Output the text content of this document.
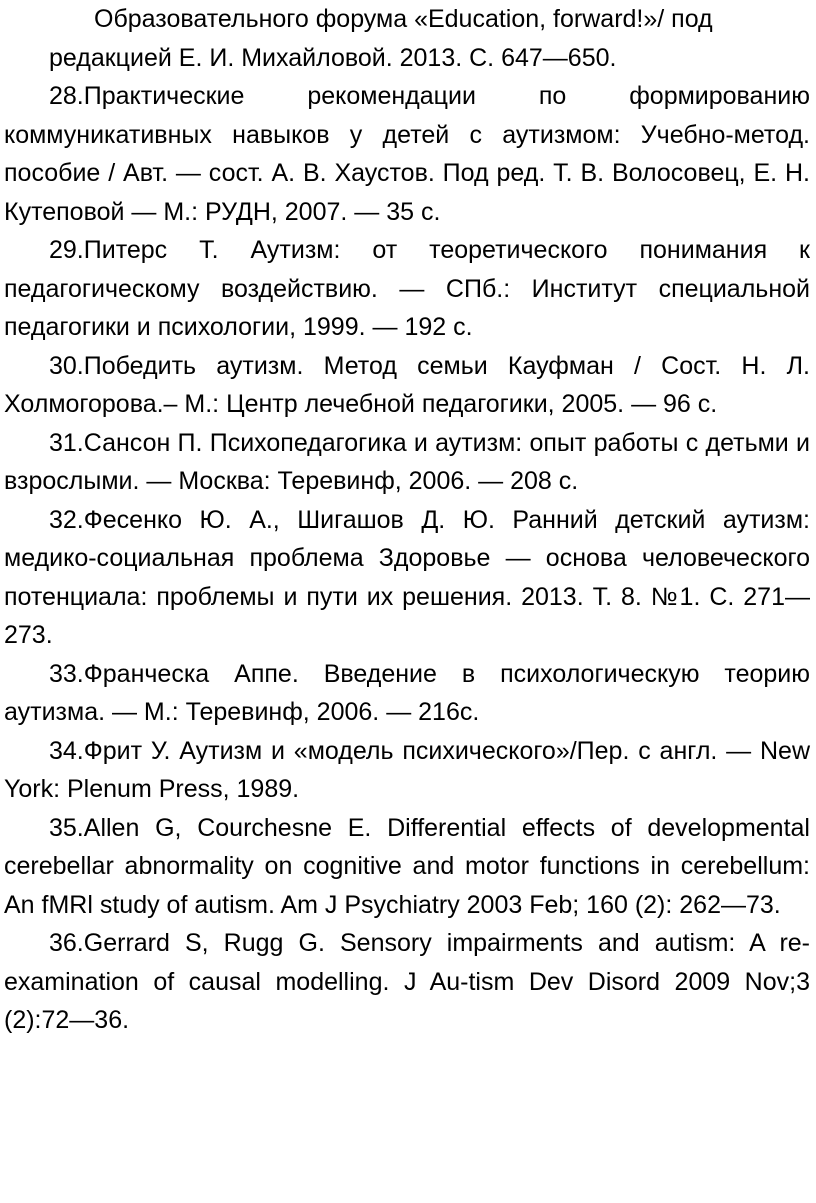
Образовательного форума «Education, forward!»/ под
редакцией Е. И. Михайловой. 2013. С. 647—650.

28.Практические рекомендации по формированию коммуникативных навыков у детей с аутизмом: Учебно-метод. пособие / Авт. — сост. А. В. Хаустов. Под ред. Т. В. Волосовец, Е. Н. Кутеповой — М.: РУДН, 2007. — 35 с.

29.Питерс Т. Аутизм: от теоретического понимания к педагогическому воздействию. — СПб.: Институт специальной педагогики и психологии, 1999. — 192 с.

30.Победить аутизм. Метод семьи Кауфман / Сост. Н. Л. Холмогорова.– М.: Центр лечебной педагогики, 2005. — 96 с.

31.Сансон П. Психопедагогика и аутизм: опыт работы с детьми и взрослыми. — Москва: Теревинф, 2006. — 208 с.

32.Фесенко Ю. А., Шигашов Д. Ю. Ранний детский аутизм: медико-социальная проблема Здоровье — основа человеческого потенциала: проблемы и пути их решения. 2013. Т. 8. №1. С. 271—273.

33.Франческа Аппе. Введение в психологическую теорию аутизма. — М.: Теревинф, 2006. — 216с.

34.Фрит У. Аутизм и «модель психического»/Пер. с англ. — New York: Plenum Press, 1989.

35.Allen G, Courchesne E. Differential effects of developmental cerebellar abnormality on cognitive and motor functions in cerebellum: An fMRl study of autism. Am J Psychiatry 2003 Feb; 160 (2): 262—73.

36.Gerrard S, Rugg G. Sensory impairments and autism: A re-examination of causal modelling. J Au-tism Dev Disord 2009 Nov;3 (2):72—36.
